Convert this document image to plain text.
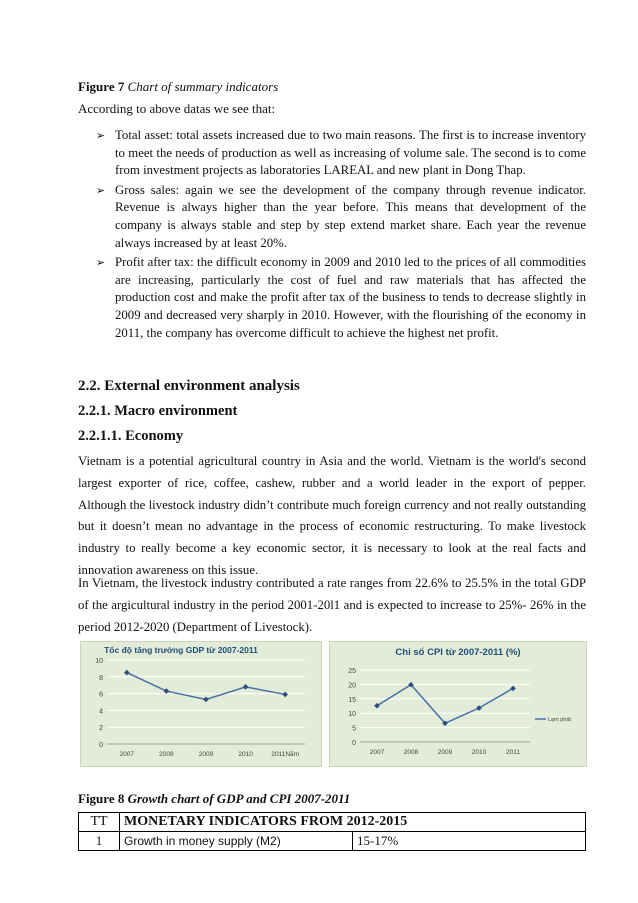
Figure 7 Chart of summary indicators
According to above datas we see that:
➢ Total asset: total assets increased due to two main reasons. The first is to increase inventory to meet the needs of production as well as increasing of volume sale. The second is to come from investment projects as laboratories LAREAL and new plant in Dong Thap.
➢ Gross sales: again we see the development of the company through revenue indicator. Revenue is always higher than the year before. This means that development of the company is always stable and step by step extend market share. Each year the revenue always increased by at least 20%.
➢ Profit after tax: the difficult economy in 2009 and 2010 led to the prices of all commodities are increasing, particularly the cost of fuel and raw materials that has affected the production cost and make the profit after tax of the business to tends to decrease slightly in 2009 and decreased very sharply in 2010. However, with the flourishing of the economy in 2011, the company has overcome difficult to achieve the highest net profit.
2.2. External environment analysis
2.2.1. Macro environment
2.2.1.1. Economy
Vietnam is a potential agricultural country in Asia and the world. Vietnam is the world's second largest exporter of rice, coffee, cashew, rubber and a world leader in the export of pepper. Although the livestock industry didn’t contribute much foreign currency and not really outstanding but it doesn’t mean no advantage in the process of economic restructuring. To make livestock industry to really become a key economic sector, it is necessary to look at the real facts and innovation awareness on this issue.
In Vietnam, the livestock industry contributed a rate ranges from 22.6% to 25.5% in the total GDP of the argicultural industry in the period 2001-20l1 and is expected to increase to 25%- 26% in the period 2012-2020 (Department of Livestock).
Tốc độ tăng trưởng GDP từ 2007-2011
0
2
4
6
8
10
2007	2008	2009	2010	2011Năm
Chỉ số CPI từ 2007-2011 (%)
0
5
10
15
20
25
2007	2008	2009	2010	2011
Lạm phát
Figure 8 Growth chart of GDP and CPI 2007-2011
TT	MONETARY INDICATORS FROM 2012-2015	
1	Growth in money supply (M2)	15-17%
